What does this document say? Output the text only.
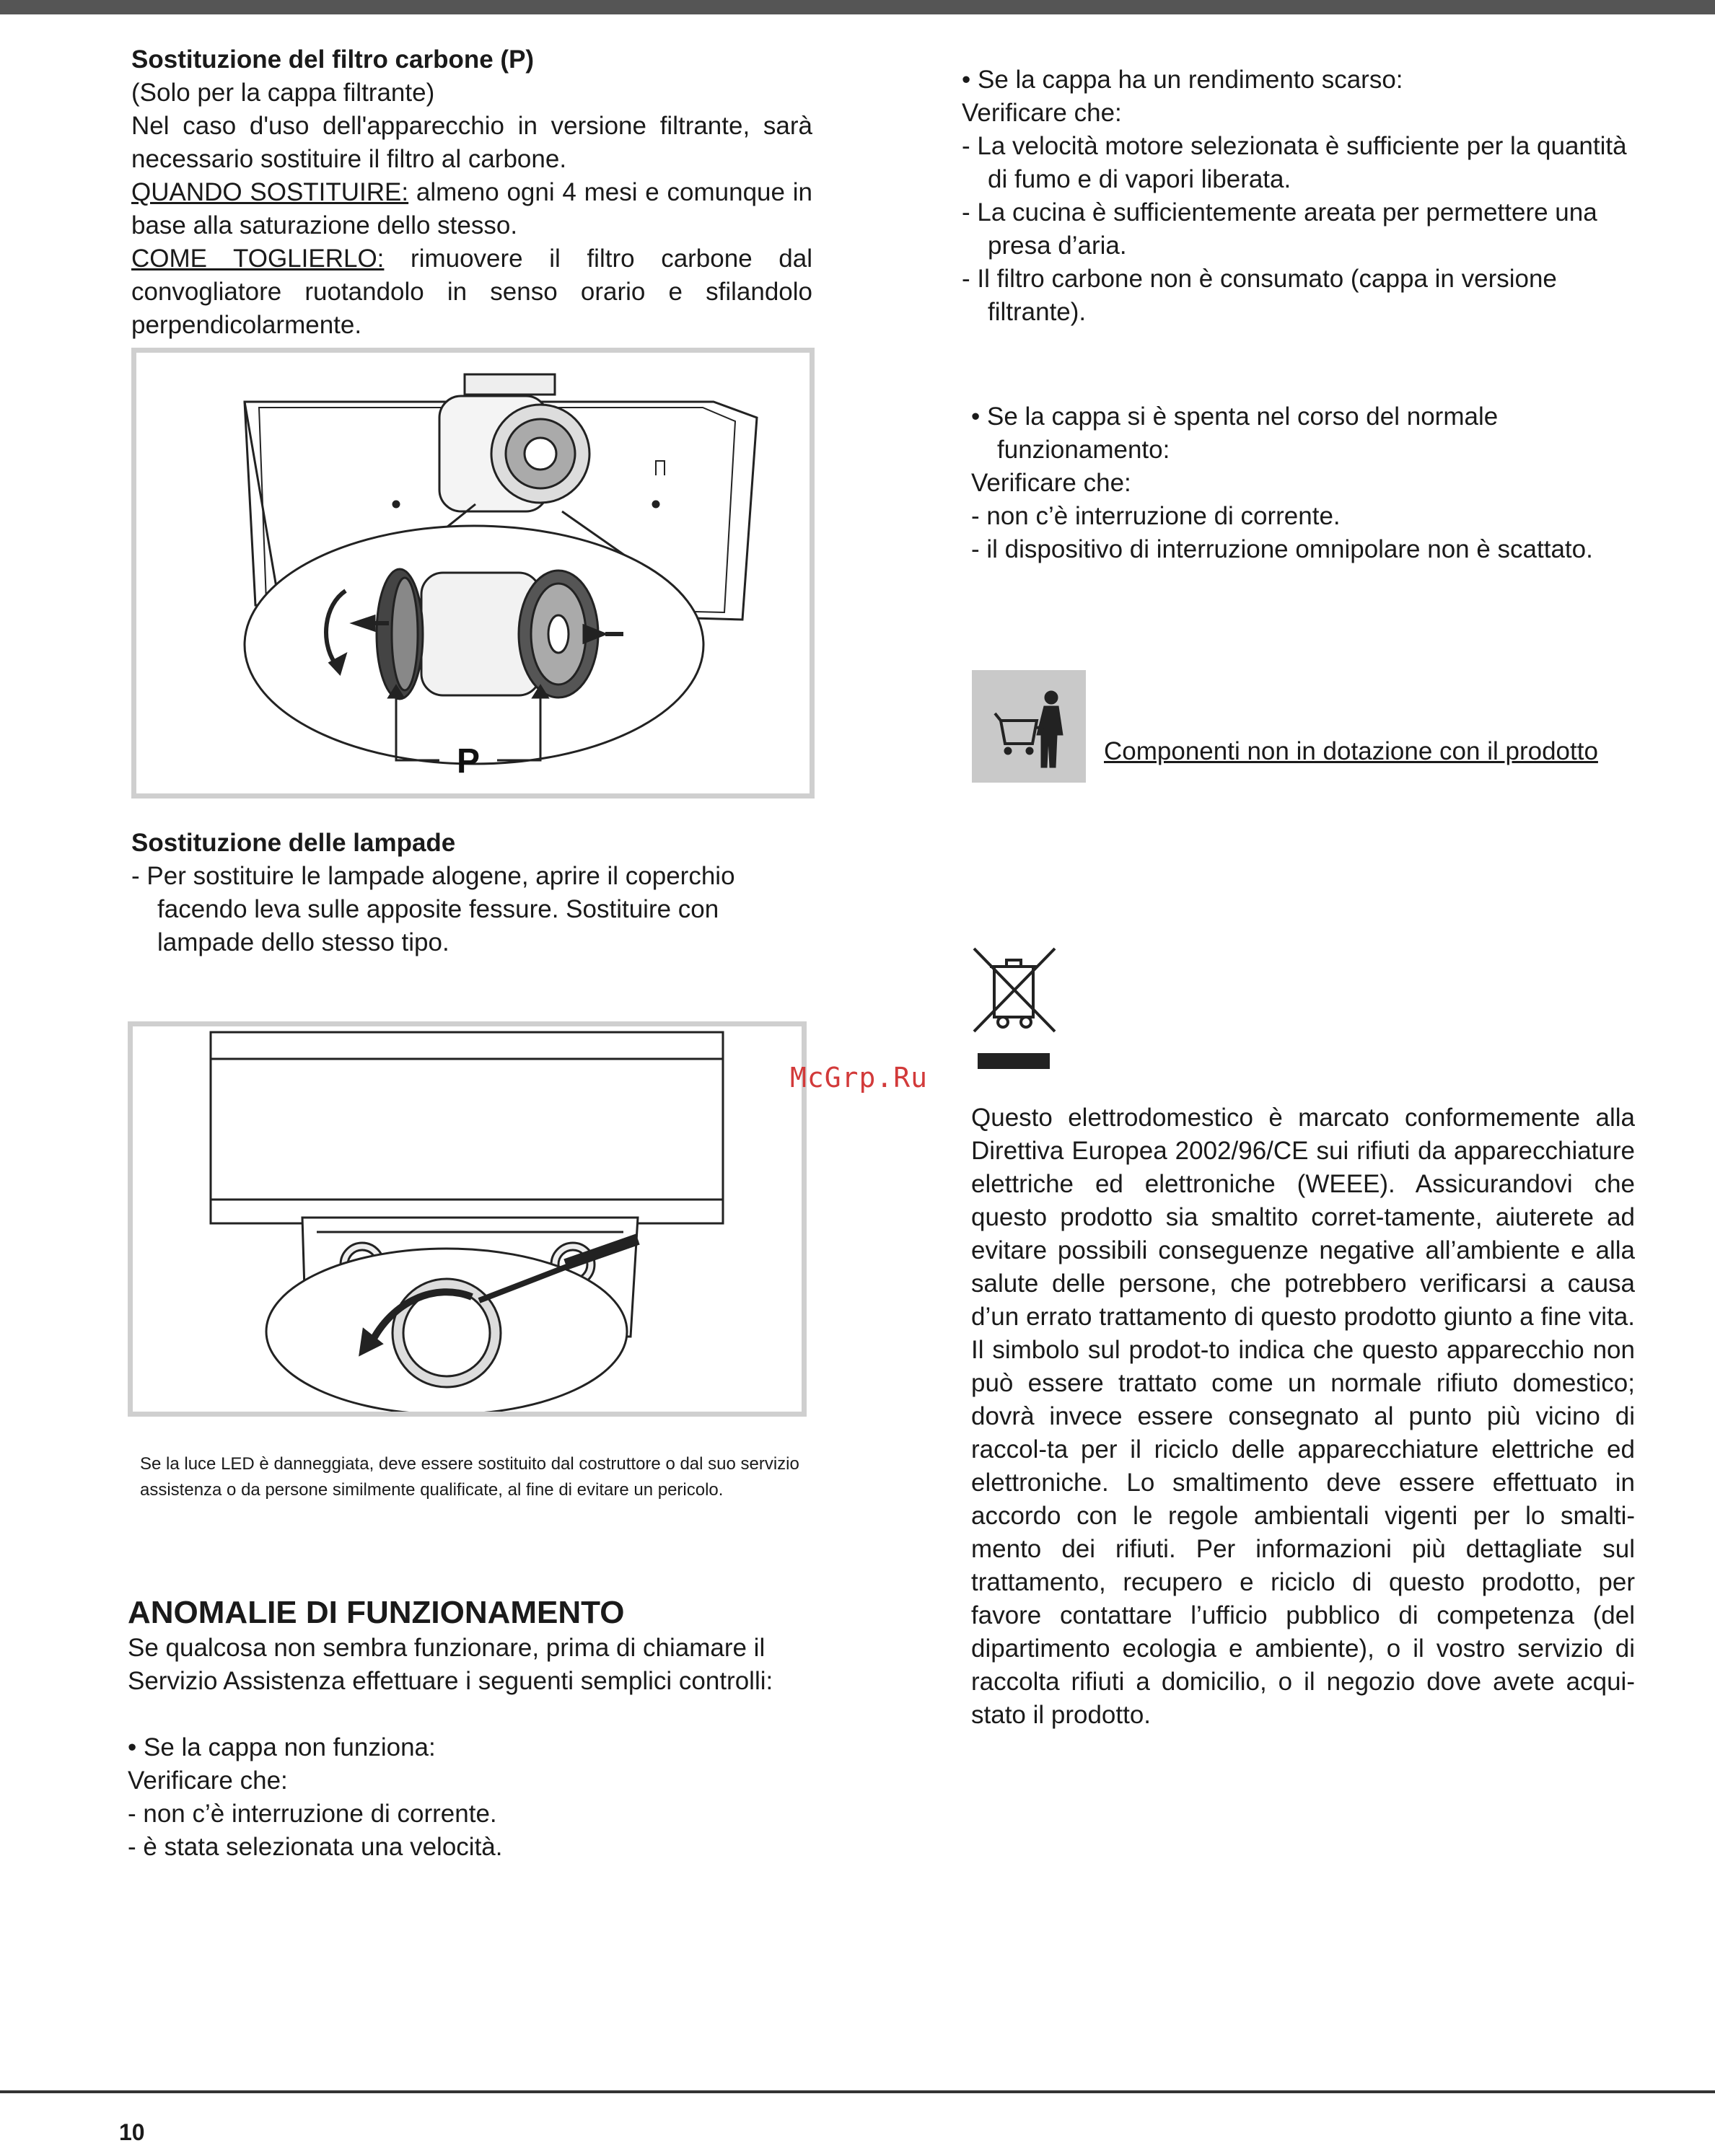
Sostituzione del filtro carbone (P)

(Solo per la cappa filtrante)

Nel caso d'uso dell'apparecchio in versione filtrante, sarà necessario sostituire il filtro al carbone.

QUANDO SOSTITUIRE: almeno ogni 4 mesi e comunque in base alla saturazione dello stesso.

COME TOGLIERLO: rimuovere il filtro carbone dal convogliatore ruotandolo in senso orario e sfilandolo perpendicolarmente.

P

Sostituzione delle lampade

- Per sostituire le lampade alogene, aprire il coperchio facendo leva sulle apposite fessure. Sostituire con lampade dello stesso tipo.

Se la luce LED è danneggiata, deve essere sostituito dal costruttore o dal suo servizio assistenza o da persone similmente qualificate, al fine di evitare un pericolo.

ANOMALIE DI FUNZIONAMENTO

Se qualcosa non sembra funzionare, prima di chiamare il Servizio Assistenza effettuare i seguenti semplici controlli:

• Se la cappa non funziona:

Verificare che:

- non c’è interruzione di corrente.

- è stata selezionata una velocità.

• Se la cappa ha un rendimento scarso:

Verificare che:

- La velocità motore selezionata è sufficiente per la quantità di fumo e di vapori liberata.

- La cucina è sufficientemente areata per permettere una presa d’aria.

- Il filtro carbone non è consumato (cappa in versione filtrante).

• Se la cappa si è spenta nel corso del normale funzionamento:

Verificare che:

- non c’è interruzione di corrente.

- il dispositivo di interruzione omnipolare non è scattato.

Componenti non in dotazione con il prodotto
McGrp.Ru

Questo elettrodomestico è marcato conformemente alla Direttiva Europea 2002/96/CE sui rifiuti da apparecchiature elettriche ed elettroniche (WEEE). Assicurandovi che questo prodotto sia smaltito corret-tamente, aiuterete ad evitare possibili conseguenze negative all’ambiente e alla salute delle persone, che potrebbero verificarsi a causa d’un errato trattamento di questo prodotto giunto a fine vita. Il simbolo sul prodot-to indica che questo apparecchio non può essere trattato come un normale rifiuto domestico; dovrà invece essere consegnato al punto più vicino di raccol-ta per il riciclo delle apparecchiature elettriche ed elettroniche. Lo smaltimento deve essere effettuato in accordo con le regole ambientali vigenti per lo smalti-mento dei rifiuti. Per informazioni più dettagliate sul trattamento, recupero e riciclo di questo prodotto, per favore contattare l’ufficio pubblico di competenza (del dipartimento ecologia e ambiente), o il vostro servizio di raccolta rifiuti a domicilio, o il negozio dove avete acqui-stato il prodotto.

10
